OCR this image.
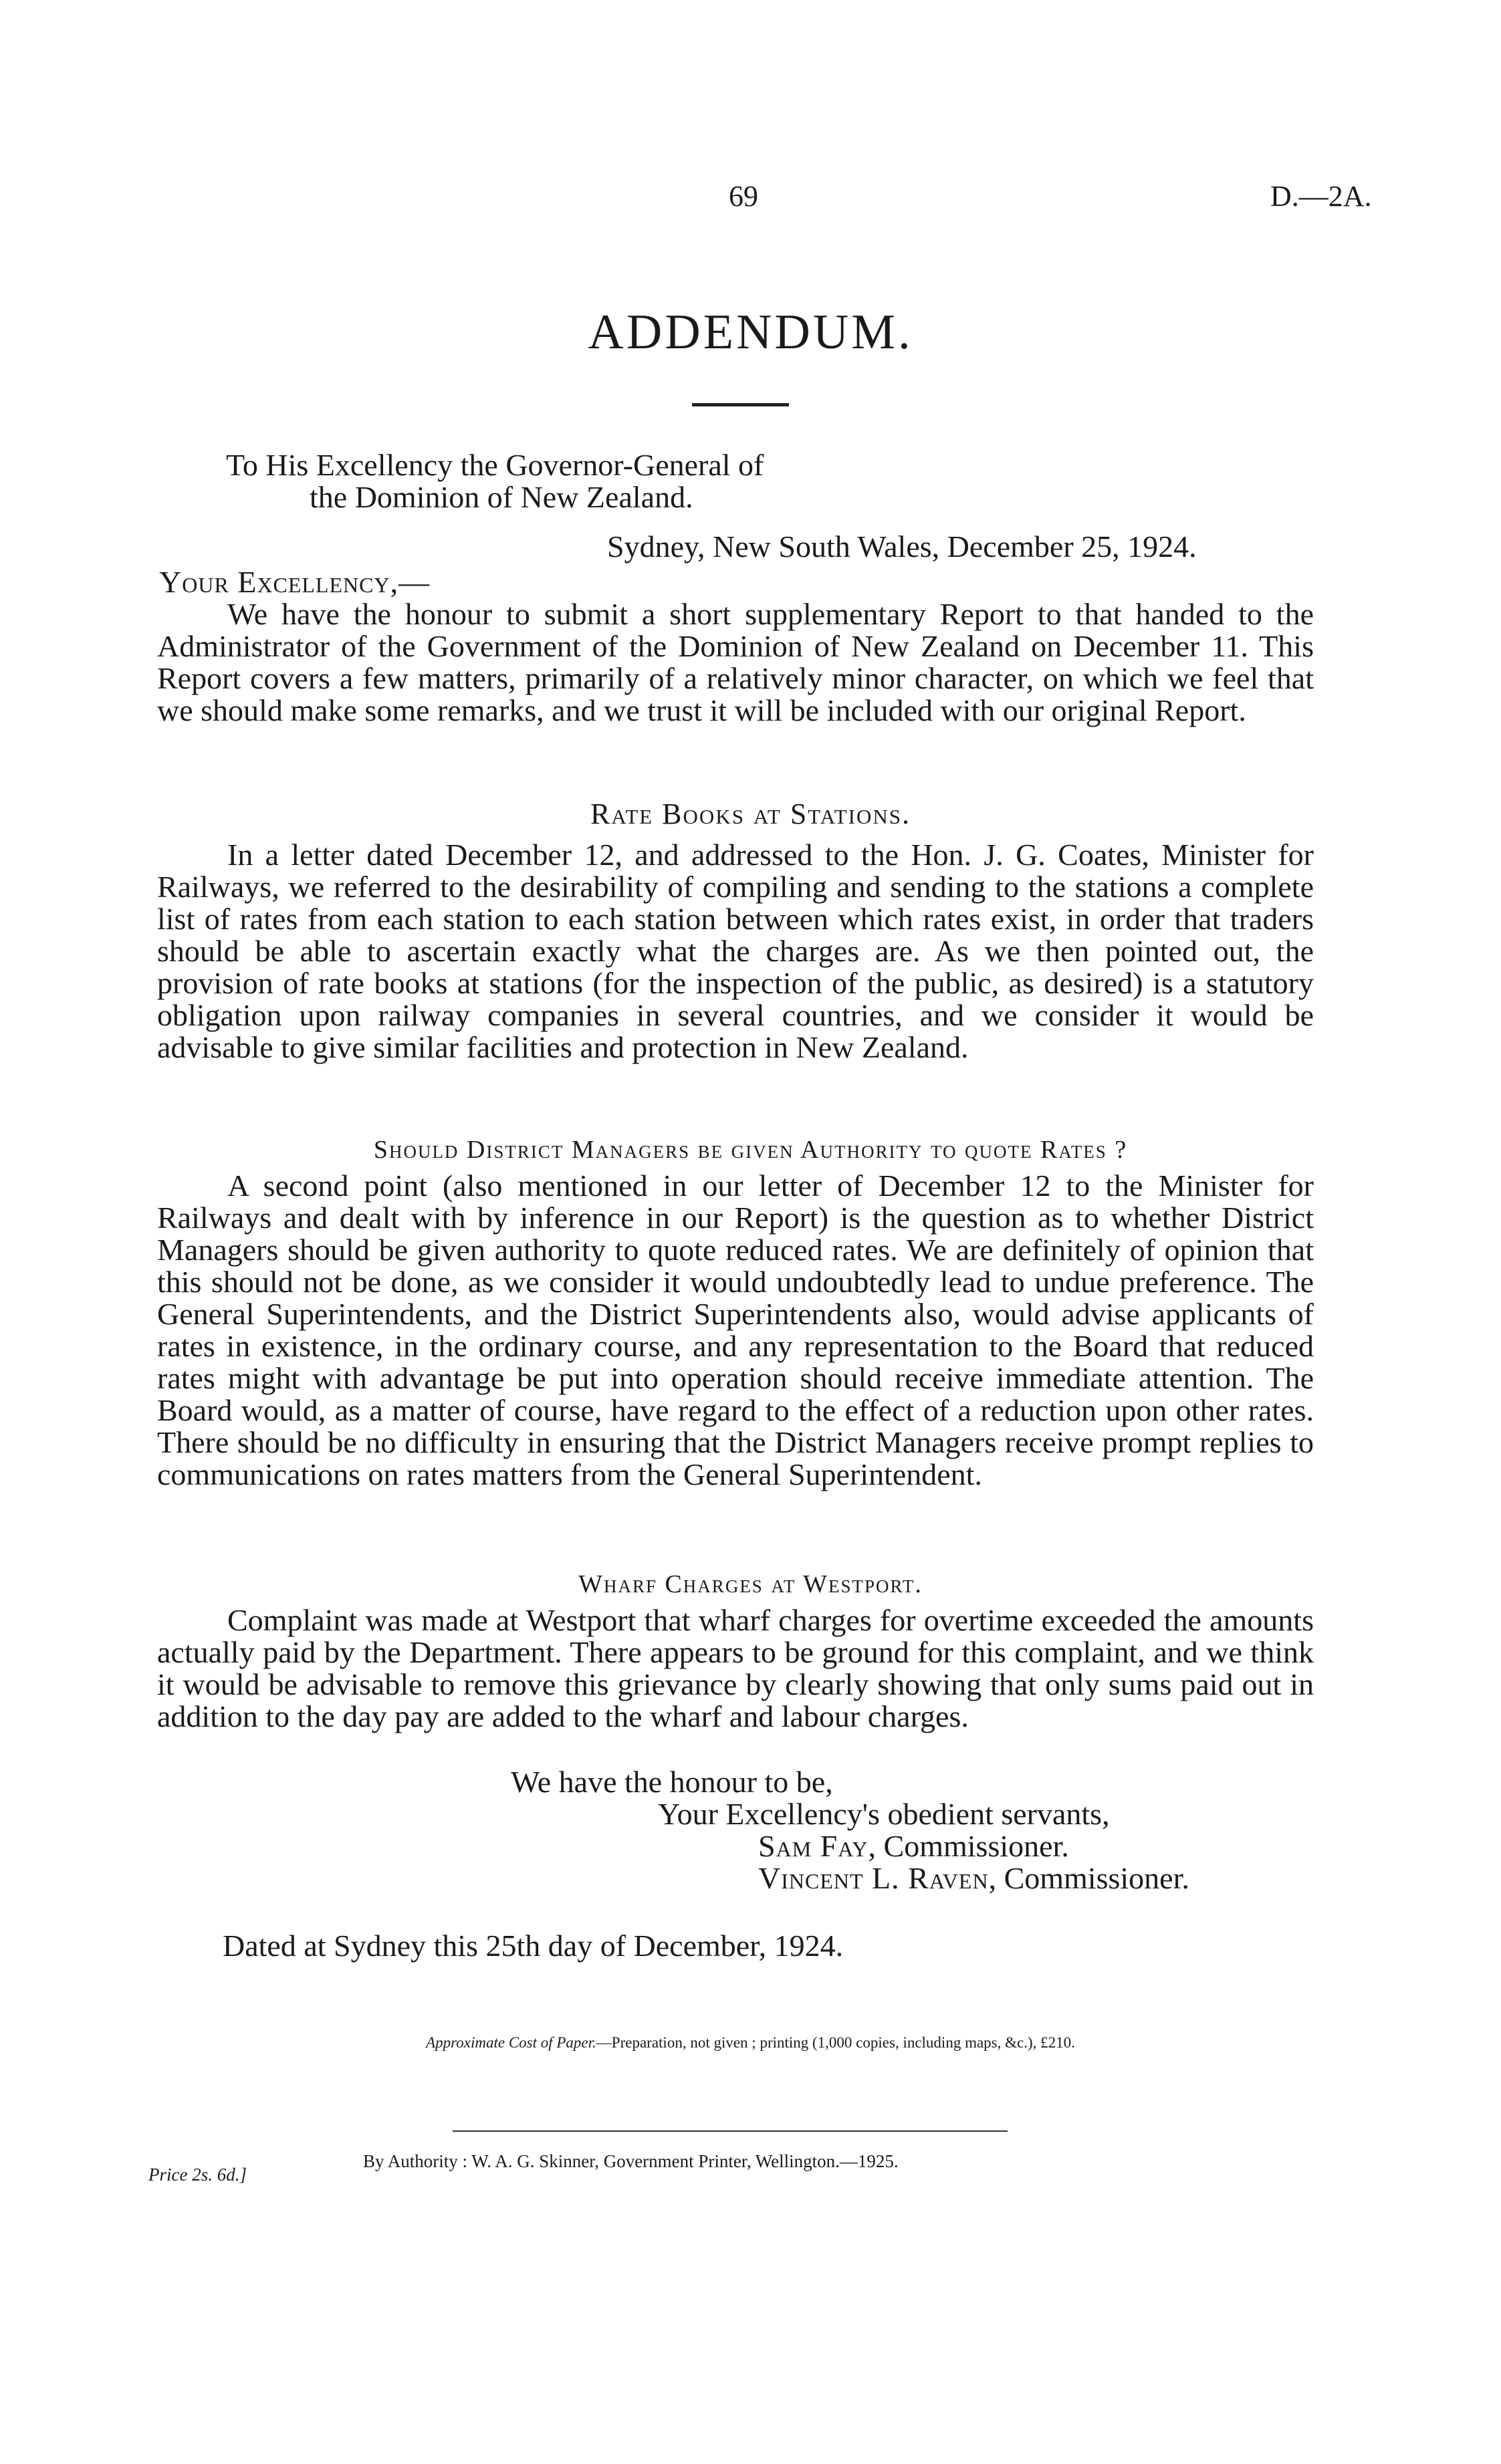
69	D.—2A.
ADDENDUM.
To His Excellency the Governor-General of
the Dominion of New Zealand.
Sydney, New South Wales, December 25, 1924.
Your Excellency,—

We have the honour to submit a short supplementary Report to that handed to the Administrator of the Government of the Dominion of New Zealand on December 11. This Report covers a few matters, primarily of a relatively minor character, on which we feel that we should make some remarks, and we trust it will be included with our original Report.

Rate Books at Stations.

In a letter dated December 12, and addressed to the Hon. J. G. Coates, Minister for Railways, we referred to the desirability of compiling and sending to the stations a complete list of rates from each station to each station between which rates exist, in order that traders should be able to ascertain exactly what the charges are. As we then pointed out, the provision of rate books at stations (for the inspection of the public, as desired) is a statutory obligation upon railway companies in several countries, and we consider it would be advisable to give similar facilities and protection in New Zealand.

Should District Managers be given Authority to quote Rates ?

A second point (also mentioned in our letter of December 12 to the Minister for Railways and dealt with by inference in our Report) is the question as to whether District Managers should be given authority to quote reduced rates. We are definitely of opinion that this should not be done, as we consider it would undoubtedly lead to undue preference. The General Superintendents, and the District Superintendents also, would advise applicants of rates in existence, in the ordinary course, and any representation to the Board that reduced rates might with advantage be put into operation should receive immediate attention. The Board would, as a matter of course, have regard to the effect of a reduction upon other rates. There should be no difficulty in ensuring that the District Managers receive prompt replies to communications on rates matters from the General Superintendent.

Wharf Charges at Westport.

Complaint was made at Westport that wharf charges for overtime exceeded the amounts actually paid by the Department. There appears to be ground for this complaint, and we think it would be advisable to remove this grievance by clearly showing that only sums paid out in addition to the day pay are added to the wharf and labour charges.

We have the honour to be,
Your Excellency's obedient servants,
Sam Fay, Commissioner.
Vincent L. Raven, Commissioner.
Dated at Sydney this 25th day of December, 1924.
Approximate Cost of Paper.—Preparation, not given ; printing (1,000 copies, including maps, &c.), £210.
By Authority : W. A. G. Skinner, Government Printer, Wellington.—1925.
Price 2s. 6d.]
